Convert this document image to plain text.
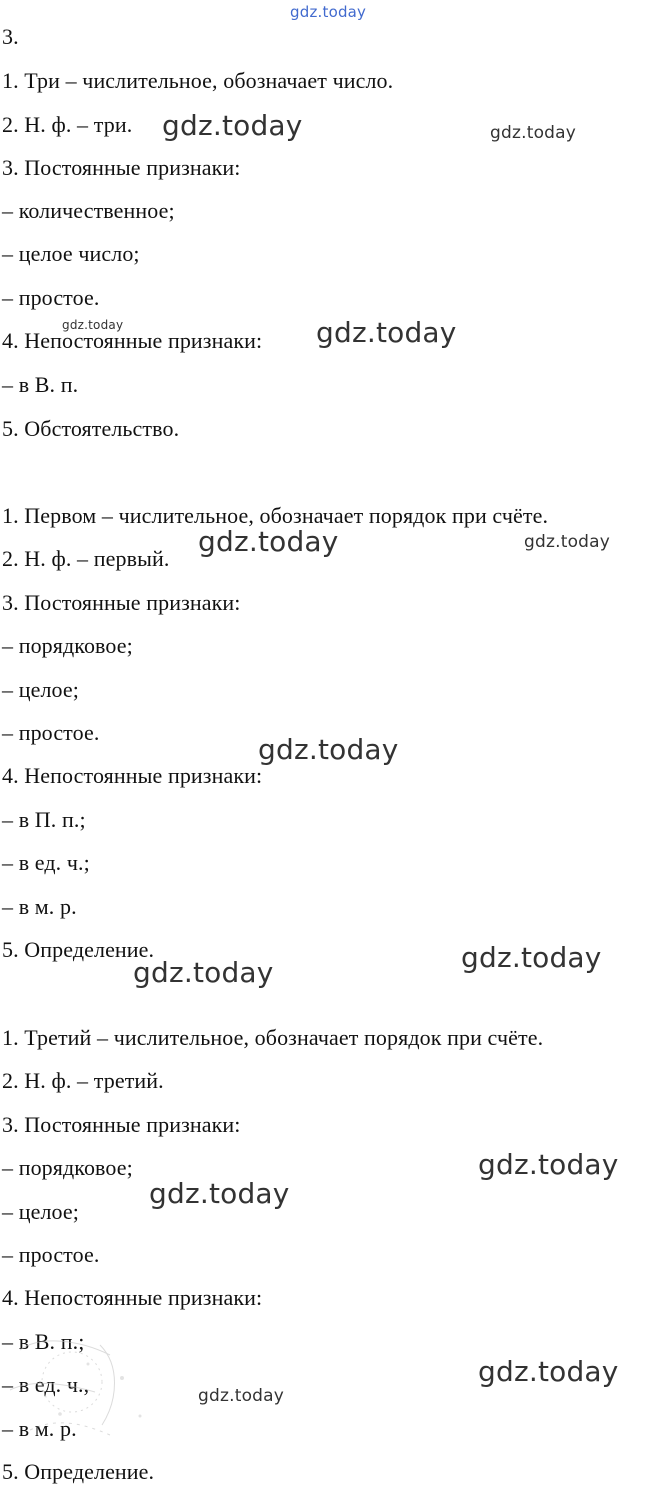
3.
1. Три – числительное, обозначает число.
2. Н. ф. – три.
3. Постоянные признаки:
– количественное;
– целое число;
– простое.
4. Непостоянные признаки:
– в В. п.
5. Обстоятельство.
1. Первом – числительное, обозначает порядок при счёте.
2. Н. ф. – первый.
3. Постоянные признаки:
– порядковое;
– целое;
– простое.
4. Непостоянные признаки:
– в П. п.;
– в ед. ч.;
– в м. р.
5. Определение.
1. Третий – числительное, обозначает порядок при счёте.
2. Н. ф. – третий.
3. Постоянные признаки:
– порядковое;
– целое;
– простое.
4. Непостоянные признаки:
– в В. п.;
– в ед. ч.,
– в м. р.
5. Определение.
gdz.today
gdz.today	gdz.today
gdz.today	gdz.today
gdz.today	gdz.today
gdz.today
gdz.today
gdz.today
gdz.today
gdz.today
gdz.today
gdz.today
